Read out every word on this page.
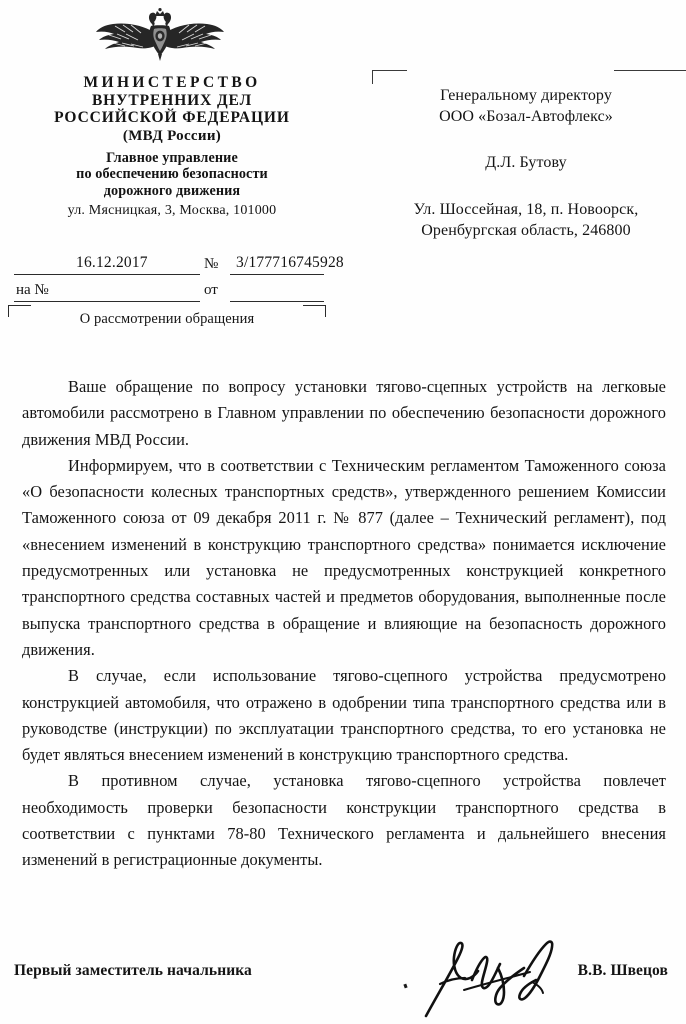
МИНИСТЕРСТВО
ВНУТРЕННИХ ДЕЛ
РОССИЙСКОЙ ФЕДЕРАЦИИ
(МВД России)
Главное управление
по обеспечению безопасности
дорожного движения
ул. Мясницкая, 3, Москва, 101000
16.12.2017	№ 3/177716745928
на №	от
О рассмотрении обращения
Генеральному директору
ООО «Бозал-Автофлекс»
Д.Л. Бутову
Ул. Шоссейная, 18, п. Новоорск,
Оренбургская область, 246800

Ваше обращение по вопросу установки тягово-сцепных устройств на легковые автомобили рассмотрено в Главном управлении по обеспечению безопасности дорожного движения МВД России.

Информируем, что в соответствии с Техническим регламентом Таможенного союза «О безопасности колесных транспортных средств», утвержденного решением Комиссии Таможенного союза от 09 декабря 2011 г. № 877 (далее – Технический регламент), под «внесением изменений в конструкцию транспортного средства» понимается исключение предусмотренных или установка не предусмотренных конструкцией конкретного транспортного средства составных частей и предметов оборудования, выполненные после выпуска транспортного средства в обращение и влияющие на безопасность дорожного движения.

В случае, если использование тягово-сцепного устройства предусмотрено конструкцией автомобиля, что отражено в одобрении типа транспортного средства или в руководстве (инструкции) по эксплуатации транспортного средства, то его установка не будет являться внесением изменений в конструкцию транспортного средства.

В противном случае, установка тягово-сцепного устройства повлечет необходимость проверки безопасности конструкции транспортного средства в соответствии с пунктами 78-80 Технического регламента и дальнейшего внесения изменений в регистрационные документы.

Первый заместитель начальника	В.В. Швецов
